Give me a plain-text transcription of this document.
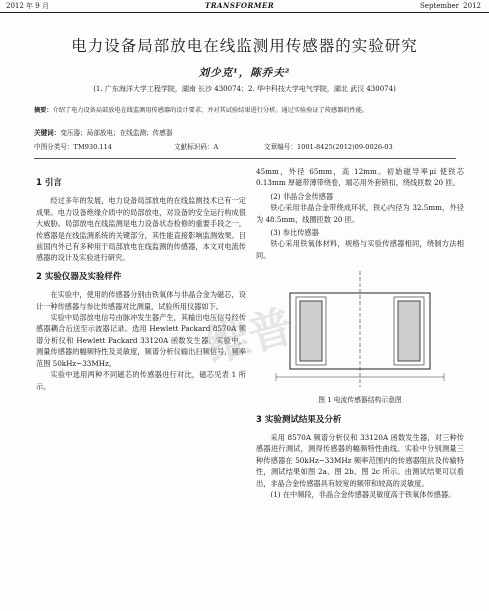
2012 年 9 月	TRANSFORMER	September 2012
电力设备局部放电在线监测用传感器的实验研究
刘少克¹，陈乔夫²
(1. 广东海洋大学工程学院，湖南 长沙 430074；2. 华中科技大学电气学院，湖北 武汉 430074)
摘要：介绍了电力设备局部放电在线监测用传感器的设计要求，并对其试验结果进行分析。通过实验验证了传感器的性能。
关键词：变压器；局部放电；在线监测；传感器
中图分类号：TM930.114	文献标识码：A	文章编号：1001-8425(2012)09-0026-03
1 引言

经过多年的发展，电力设备局部放电的在线监测技术已有一定成果。电力设备绝缘介质中的局部放电，对设备的安全运行构成很大威胁。局部放电在线监测是电力设备状态检修的重要手段之一，传感器是在线监测系统的关键部分，其性能直接影响监测效果。目前国内外已有多种用于局部放电在线监测的传感器，本文对电流传感器的设计及实验进行研究。

2 实验仪器及实验样件

在实验中，使用的传感器分别由铁氧体与非晶合金为磁芯，设计一种传感器与参比传感器对比测量，试验所用仪器如下。

实验中局部放电信号由脉冲发生器产生，其输出电压信号经传感器耦合后送至示波器记录。选用 Hewlett Packard 8570A 频谱分析仪和 Hewlett Packard 33120A 函数发生器。实验中，测量传感器的幅频特性及灵敏度，频谱分析仪输出扫频信号，频率范围 50kHz~33MHz。

实验中选用两种不同磁芯的传感器进行对比，磁芯见表 1 所示。

45mm，外径 65mm，高 12mm。初始磁导率μi 使铁芯 0.13mm 厚磁带薄带绕卷，端芯用外套锁扣，绕线匝数 20 匝。

(2) 非晶合金传感器

铁心采用非晶合金带绕成环状，铁心内径为 32.5mm，外径为 48.5mm，线圈匝数 20 匝。

(3) 参比传感器

铁心采用铁氧体材料，规格与实验传感器相同，绕制方法相同。

图 1 电流传感器结构示意图
3 实验测试结果及分析

采用 8570A 频谱分析仪和 33120A 函数发生器，对三种传感器进行测试，测得传感器的幅频特性曲线。实验中分别测量三种传感器在 50kHz~33MHz 频率范围内的传感器阻抗及传输特性，测试结果如图 2a、图 2b、图 2c 所示。由测试结果可以看出，非晶合金传感器具有较宽的频带和较高的灵敏度。

(1) 在中频段，非晶合金传感器灵敏度高于铁氧体传感器。

维普
